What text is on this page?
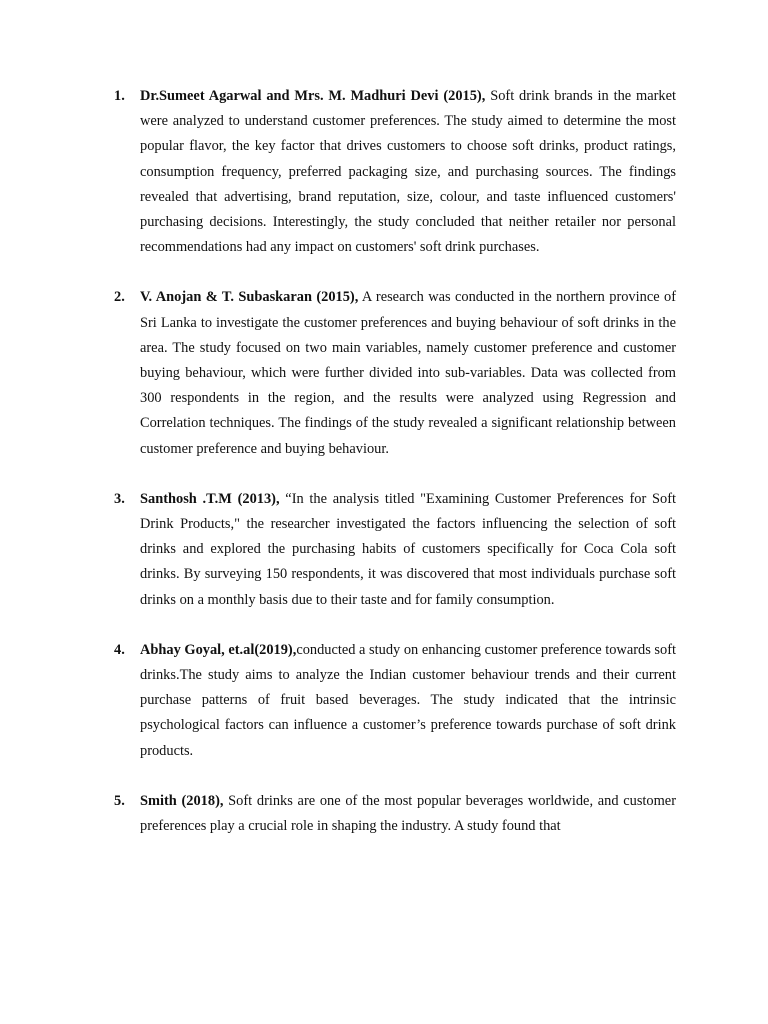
1. Dr.Sumeet Agarwal and Mrs. M. Madhuri Devi (2015), Soft drink brands in the market were analyzed to understand customer preferences. The study aimed to determine the most popular flavor, the key factor that drives customers to choose soft drinks, product ratings, consumption frequency, preferred packaging size, and purchasing sources. The findings revealed that advertising, brand reputation, size, colour, and taste influenced customers' purchasing decisions. Interestingly, the study concluded that neither retailer nor personal recommendations had any impact on customers' soft drink purchases.
2. V. Anojan & T. Subaskaran (2015), A research was conducted in the northern province of Sri Lanka to investigate the customer preferences and buying behaviour of soft drinks in the area. The study focused on two main variables, namely customer preference and customer buying behaviour, which were further divided into sub-variables. Data was collected from 300 respondents in the region, and the results were analyzed using Regression and Correlation techniques. The findings of the study revealed a significant relationship between customer preference and buying behaviour.
3. Santhosh .T.M (2013), “In the analysis titled "Examining Customer Preferences for Soft Drink Products," the researcher investigated the factors influencing the selection of soft drinks and explored the purchasing habits of customers specifically for Coca Cola soft drinks. By surveying 150 respondents, it was discovered that most individuals purchase soft drinks on a monthly basis due to their taste and for family consumption.
4. Abhay Goyal, et.al(2019),conducted a study on enhancing customer preference towards soft drinks.The study aims to analyze the Indian customer behaviour trends and their current purchase patterns of fruit based beverages. The study indicated that the intrinsic psychological factors can influence a customer’s preference towards purchase of soft drink products.
5. Smith (2018), Soft drinks are one of the most popular beverages worldwide, and customer preferences play a crucial role in shaping the industry. A study found that
